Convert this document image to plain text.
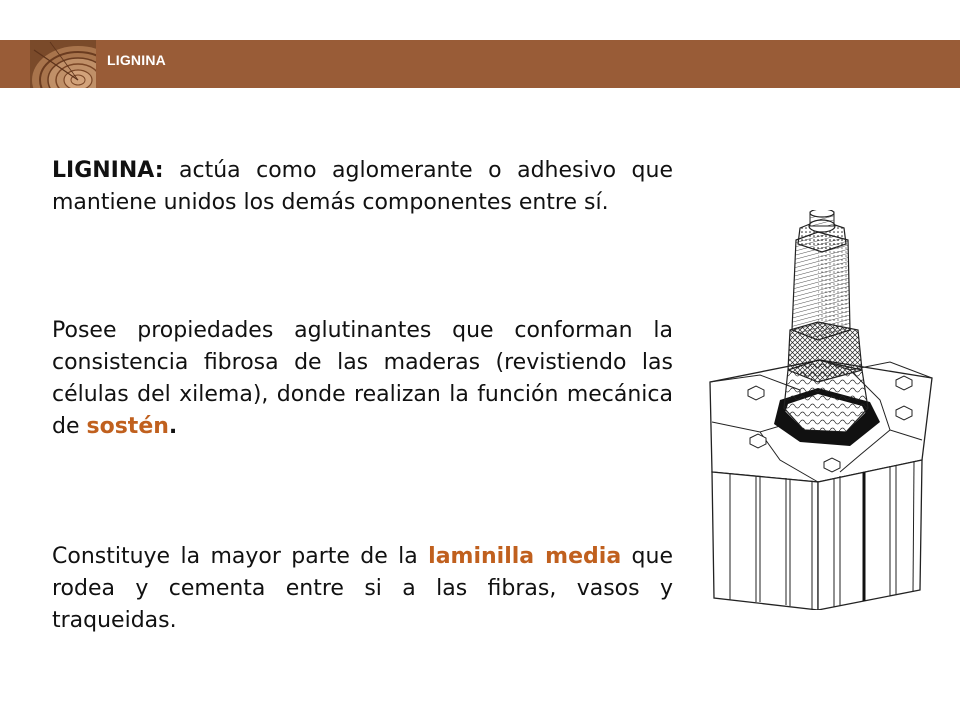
LIGNINA

LIGNINA: actúa como aglomerante o adhesivo que mantiene unidos los demás componentes entre sí.

Posee propiedades aglutinantes que conforman la consistencia fibrosa de las maderas (revistiendo las células del xilema), donde realizan la función mecánica de sostén.

Constituye la mayor parte de la laminilla media que rodea y cementa entre si a las fibras, vasos y traqueidas.
